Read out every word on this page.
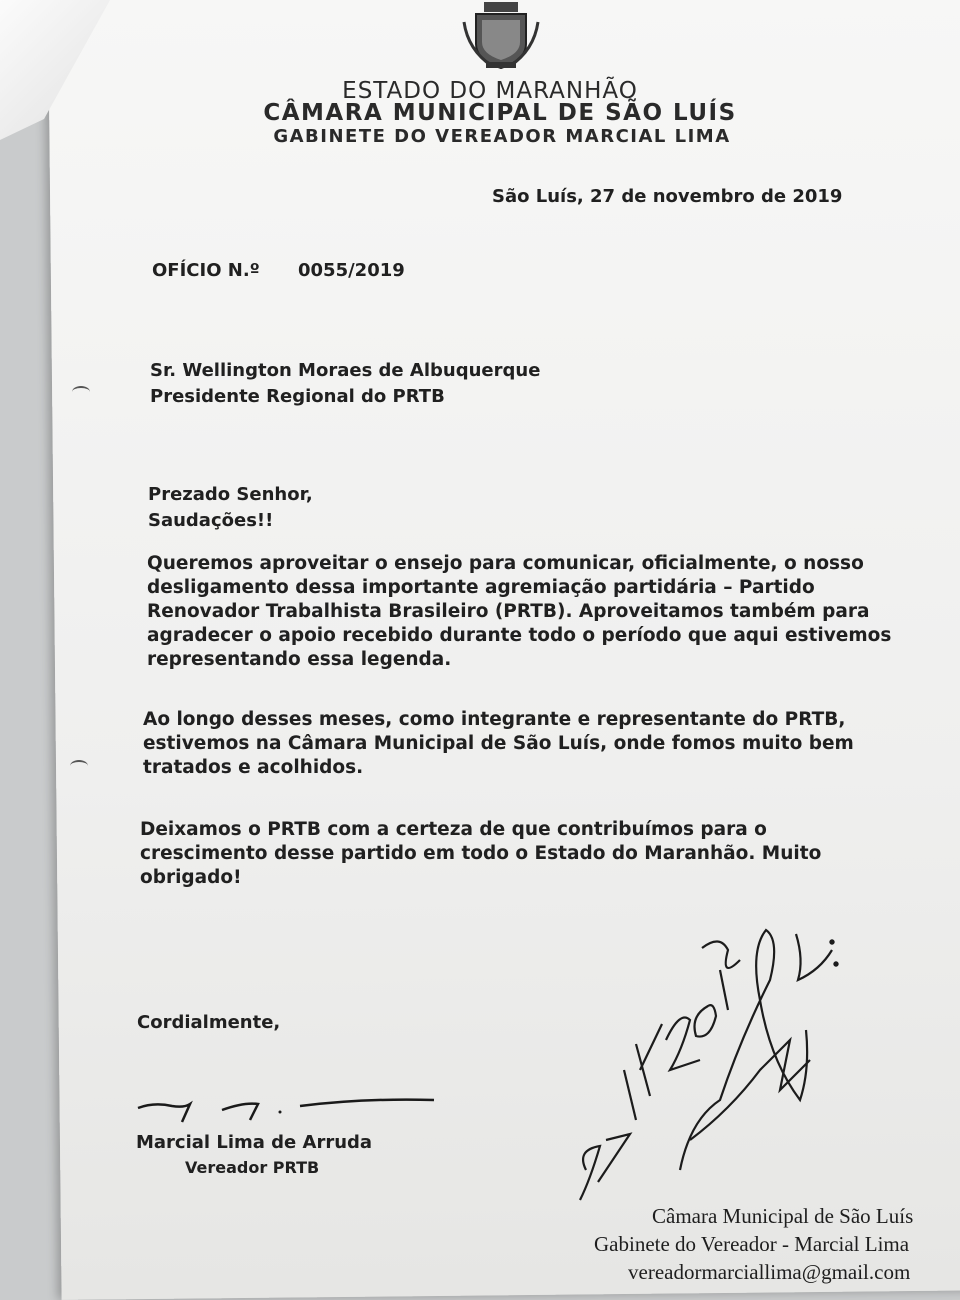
ESTADO DO MARANHÃO
CÂMARA MUNICIPAL DE SÃO LUÍS
GABINETE DO VEREADOR MARCIAL LIMA
São Luís, 27 de novembro de 2019
OFÍCIO N.º 0055/2019
Sr. Wellington Moraes de Albuquerque
Presidente Regional do PRTB
Prezado Senhor,
Saudações!!
Queremos aproveitar o ensejo para comunicar, oficialmente, o nosso
desligamento dessa importante agremiação partidária – Partido
Renovador Trabalhista Brasileiro (PRTB). Aproveitamos também para
agradecer o apoio recebido durante todo o período que aqui estivemos
representando essa legenda.
Ao longo desses meses, como integrante e representante do PRTB,
estivemos na Câmara Municipal de São Luís, onde fomos muito bem
tratados e acolhidos.
Deixamos o PRTB com a certeza de que contribuímos para o
crescimento desse partido em todo o Estado do Maranhão. Muito
obrigado!
Cordialmente,
Marcial Lima de Arruda
Vereador PRTB
Câmara Municipal de São Luís
Gabinete do Vereador - Marcial Lima
vereadormarciallima@gmail.com
